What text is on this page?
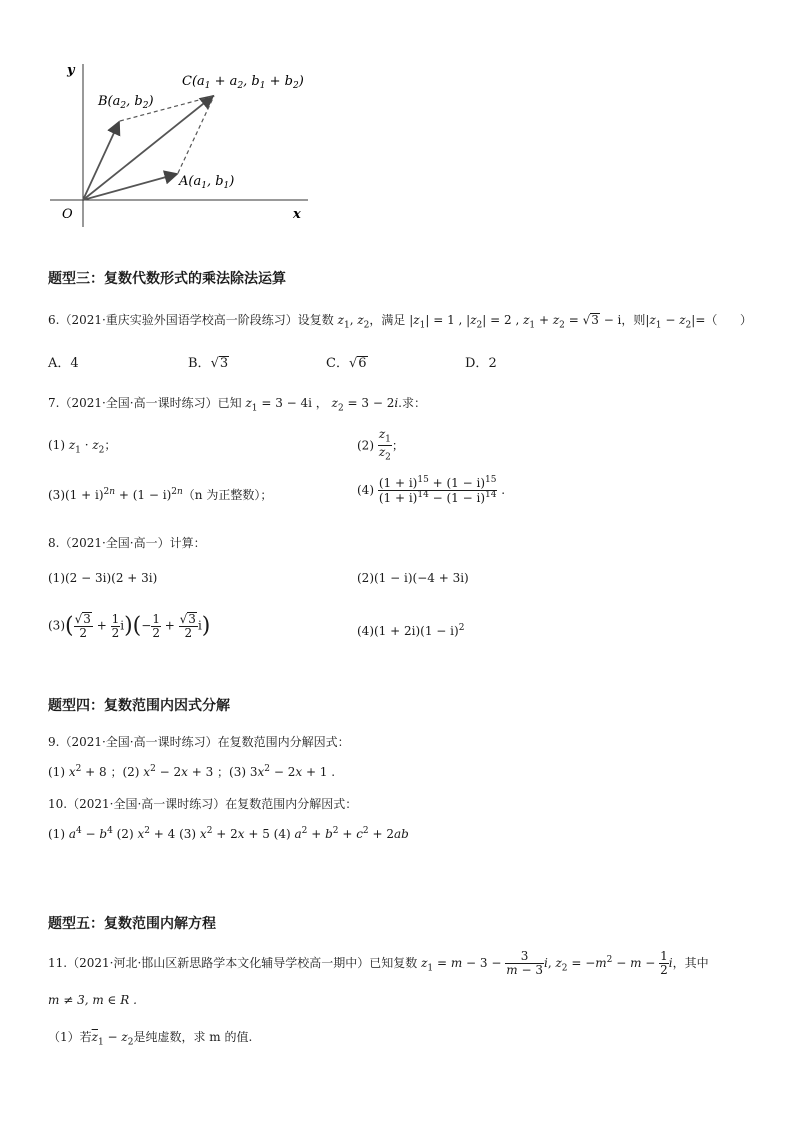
y
x
O
$A(a_1$, $b_1$)
$B(a_2$, $b_2$)
$C(a_1 + a_2$, $b_1 + b_2$)
题型三：复数代数形式的乘法除法运算
6.（2021·重庆实验外国语学校高一阶段练习）设复数 $z_1$, $z_2$，满足 $|z_1| = 1$ , $|z_2| = 2$ , $z_1 + z_2 = √3 - i$，则$|z_1 - z_2|=$（ ）
A．4	B．√3	C．√6	D．2
7.（2021·全国·高一课时练习）已知 $z_1 = 3 - 4i$ ， $z_2 = 3 - 2i$.求：
(1) $z_1 \cdot z_2$；	$(2) \frac{z_1}{z_2}$ ；
$(3)(1 + i)^{2n} + (1 - i)^{2n}(n$ 为正整数）；	$(4) \frac{(1 + i)^{15} + (1 - i)^{15}}{(1 + i)^{14} - (1 - i)^{14}}$ .
8.（2021·全国·高一）计算：
(1)(2 − 3i)(2 + 3i)	(2)(1 − i)(−4 + 3i)
$(3)( \frac{√3}{2} + \frac{1}{2} i)(- \frac{1}{2} + \frac{√3}{2} i)$	$(4)(1 + 2i)(1 - i)^2$
题型四：复数范围内因式分解
9.（2021·全国·高一课时练习）在复数范围内分解因式：
(1) $x^2 + 8$ ；(2) $x^2 - 2x + 3$ ；(3) $3x^2 - 2x + 1$ .
10.（2021·全国·高一课时练习）在复数范围内分解因式：
(1) $a^4 - b^4$ (2) $x^2 + 4$ (3) $x^2 + 2x + 5$ (4) $a^2 + b^2 + c^2 + 2ab$
题型五：复数范围内解方程
11.（2021·河北·邯山区新思路学本文化辅导学校高一期中）已知复数 $z_1 = m - 3 - \frac{3}{m - 3} i$, $z_2 = -m^2 - m - \frac{1}{2}$ i，其中
m ≠ 3, m ∈ R .
（1）若$\overline{z}_1 - z_2$是纯虚数，求 m 的值.
